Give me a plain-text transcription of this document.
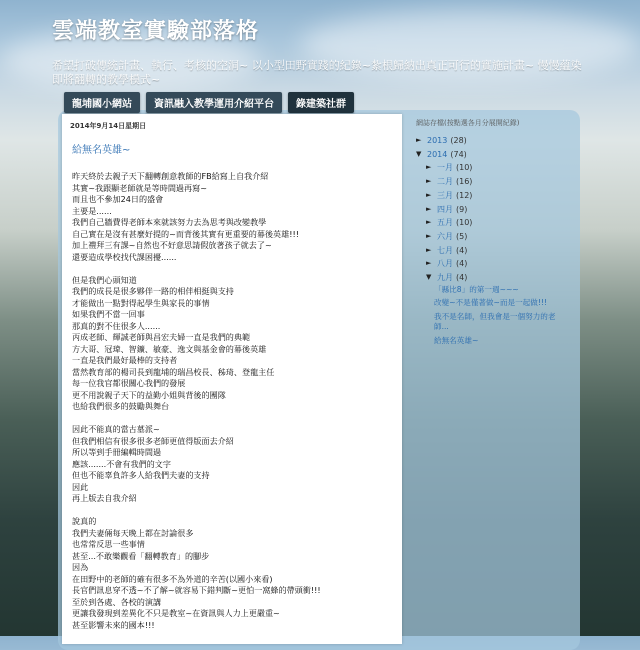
雲端教室實驗部落格
希望打破傳統計畫、執行、考核的空洞~ 以小型田野實踐的紀錄~紮根歸納出真正可行的實施計畫~ 慢慢蘊染即將翻轉的教學模式~
龍埔國小網站	資訊融入教學運用介紹平台	錄建築社群
2014年9月14日星期日
給無名英雄~
昨天終於去親子天下翻轉創意教師的FB給寫上自我介紹
其實~我跟顯老師就是等時間過再寫~
而且也不參加24日的盛會
主要是......
我們自己牆費得老師本來就該努力去為思考與改變教學
自己實在是沒有甚麼好提的~而背後其實有更重要的幕後英雄!!!
加上禮拜三有課~自然也不好意思請假放著孩子就去了~
還要造成學校找代課困擾......
但是我們心頭知道
我們的成長是很多夥伴一路的相伴相挺與支持
才能做出一點對得起學生與家長的事情
如果我們不當一回事
那真的對不住很多人......
丙成老師、輝誠老師與昌宏夫婦一直是我們的典範
方大哥、冠瑋、智鑛、敏豪、逸文與基金會的幕後英雄
一直是我們最好最棒的支持者
當然教育部的楊司長到龍埔的瑞昌校長、秭琦、登龍主任
每一位我官都很關心我們的發展
更不用說親子天下的益勤小姐與背後的團隊
也給我們很多的鼓勵與舞台
因此不能真的當古墓派~
但我們相信有很多很多老師更值得版面去介紹
所以等到手冊編輯時間過
應該.......不會有我們的文字
但也不能辜負許多人給我們夫妻的支持
因此
再上版去自我介紹
說真的
我們夫妻倆每天晚上都在討論很多
也常常反思一些事情
甚至...不敢樂觀看「翻轉教育」的腳步
因為
在田野中的老師的確有很多不為外道的辛苦(以國小來看)
長官們訊息穿不透~不了解~就容易下錯判斷~更怕一窩蜂的帶頭衝!!!
至於到各處、各校的演講
更讓我發現到差異化不只是教室~在資訊與人力上更嚴重~
甚至影響未來的國本!!!
網誌存檔(按點選各月分展開紀錄)
► 2013 (28)
▼ 2014 (74)
► 一月 (10)
► 二月 (16)
► 三月 (12)
► 四月 (9)
► 五月 (10)
► 六月 (5)
► 七月 (4)
► 八月 (4)
▼ 九月 (4)
「縣比8」的第一週~~~
改變~不是僅著做~而是一起做!!!
我不是名師，但我會是一個努力的老師...
給無名英雄~
